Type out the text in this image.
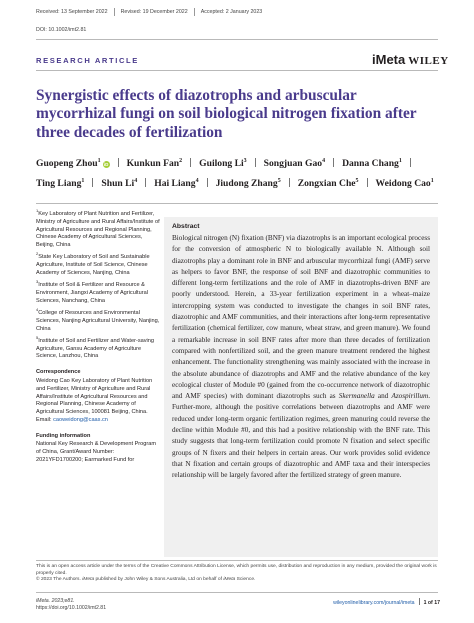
Received: 13 September 2022 Revised: 19 December 2022 Accepted: 2 January 2023
DOI: 10.1002/imt2.81
RESEARCH ARTICLE	iMeta WILEY
Synergistic effects of diazotrophs and arbuscular mycorrhizal fungi on soil biological nitrogen fixation after three decades of fertilization
Guopeng Zhou$^1$iD Kunkun Fan$^2$ Guilong Li$^3$ Songjuan Gao$^4$ Danna Chang$^1$Ting Liang$^1$ Shun Li$^4$ Hai Liang$^4$ Jiudong Zhang$^5$ Zongxian Che$^5$ Weidong Cao$^1$

$^1$Key Laboratory of Plant Nutrition and Fertilizer, Ministry of Agriculture and Rural Affairs/Institute of Agricultural Resources and Regional Planning, Chinese Academy of Agricultural Sciences, Beijing, China

$^2$State Key Laboratory of Soil and Sustainable Agriculture, Institute of Soil Science, Chinese Academy of Sciences, Nanjing, China

$^3$Institute of Soil & Fertilizer and Resource & Environment, Jiangxi Academy of Agricultural Sciences, Nanchang, China

$^4$College of Resources and Environmental Sciences, Nanjing Agricultural University, Nanjing, China

$^5$Institute of Soil and Fertilizer and Water-saving Agriculture, Gansu Academy of Agriculture Science, Lanzhou, China

Correspondence

Weidong Cao Key Laboratory of Plant Nutrition and Fertilizer, Ministry of Agriculture and Rural Affairs/Institute of Agricultural Resources and Regional Planning, Chinese Academy of Agricultural Sciences, 100081 Beijing, China.
Email: caoweidong@caas.cn

Funding information

National Key Research & Development Program of China, Grant/Award Number: 2021YFD1700200; Earmarked Fund for

Abstract

Biological nitrogen (N) fixation (BNF) via diazotrophs is an important ecological process for the conversion of atmospheric N to biologically available N. Although soil diazotrophs play a dominant role in BNF and arbuscular mycorrhizal fungi (AMF) serve as helpers to favor BNF, the response of soil BNF and diazotrophic communities to different long-term fertilizations and the role of AMF in diazotrophs-driven BNF are poorly understood. Herein, a 33-year fertilization experiment in a wheat–maize intercropping system was conducted to investigate the changes in soil BNF rates, diazotrophic and AMF communities, and their interactions after long-term representative fertilization (chemical fertilizer, cow manure, wheat straw, and green manure). We found a remarkable increase in soil BNF rates after more than three decades of fertilization compared with nonfertilized soil, and the green manure treatment rendered the highest enhancement. The functionality strengthening was mainly associated with the increase in the absolute abundance of diazotrophs and AMF and the relative abundance of the key ecological cluster of Module #0 (gained from the co-occurrence network of diazotrophic and AMF species) with dominant diazotrophs such as Skermanella and Azospirillum. Further-more, although the positive correlations between diazotrophs and AMF were reduced under long-term organic fertilization regimes, green manuring could reverse the decline within Module #0, and this had a positive relationship with the BNF rate. This study suggests that long-term fertilization could promote N fixation and select specific groups of N fixers and their helpers in certain areas. Our work provides solid evidence that N fixation and certain groups of diazotrophic and AMF taxa and their interspecies relationship will be largely favored after the fertilized strategy of green manure.

This is an open access article under the terms of the Creative Commons Attribution License, which permits use, distribution and reproduction in any medium, provided the original work is properly cited.

© 2023 The Authors. iMeta published by John Wiley & Sons Australia, Ltd on behalf of iMeta Science.

iMeta. 2023;e81.
https://doi.org/10.1002/imt2.81
wileyonlinelibrary.com/journal/imeta 1 of 17
